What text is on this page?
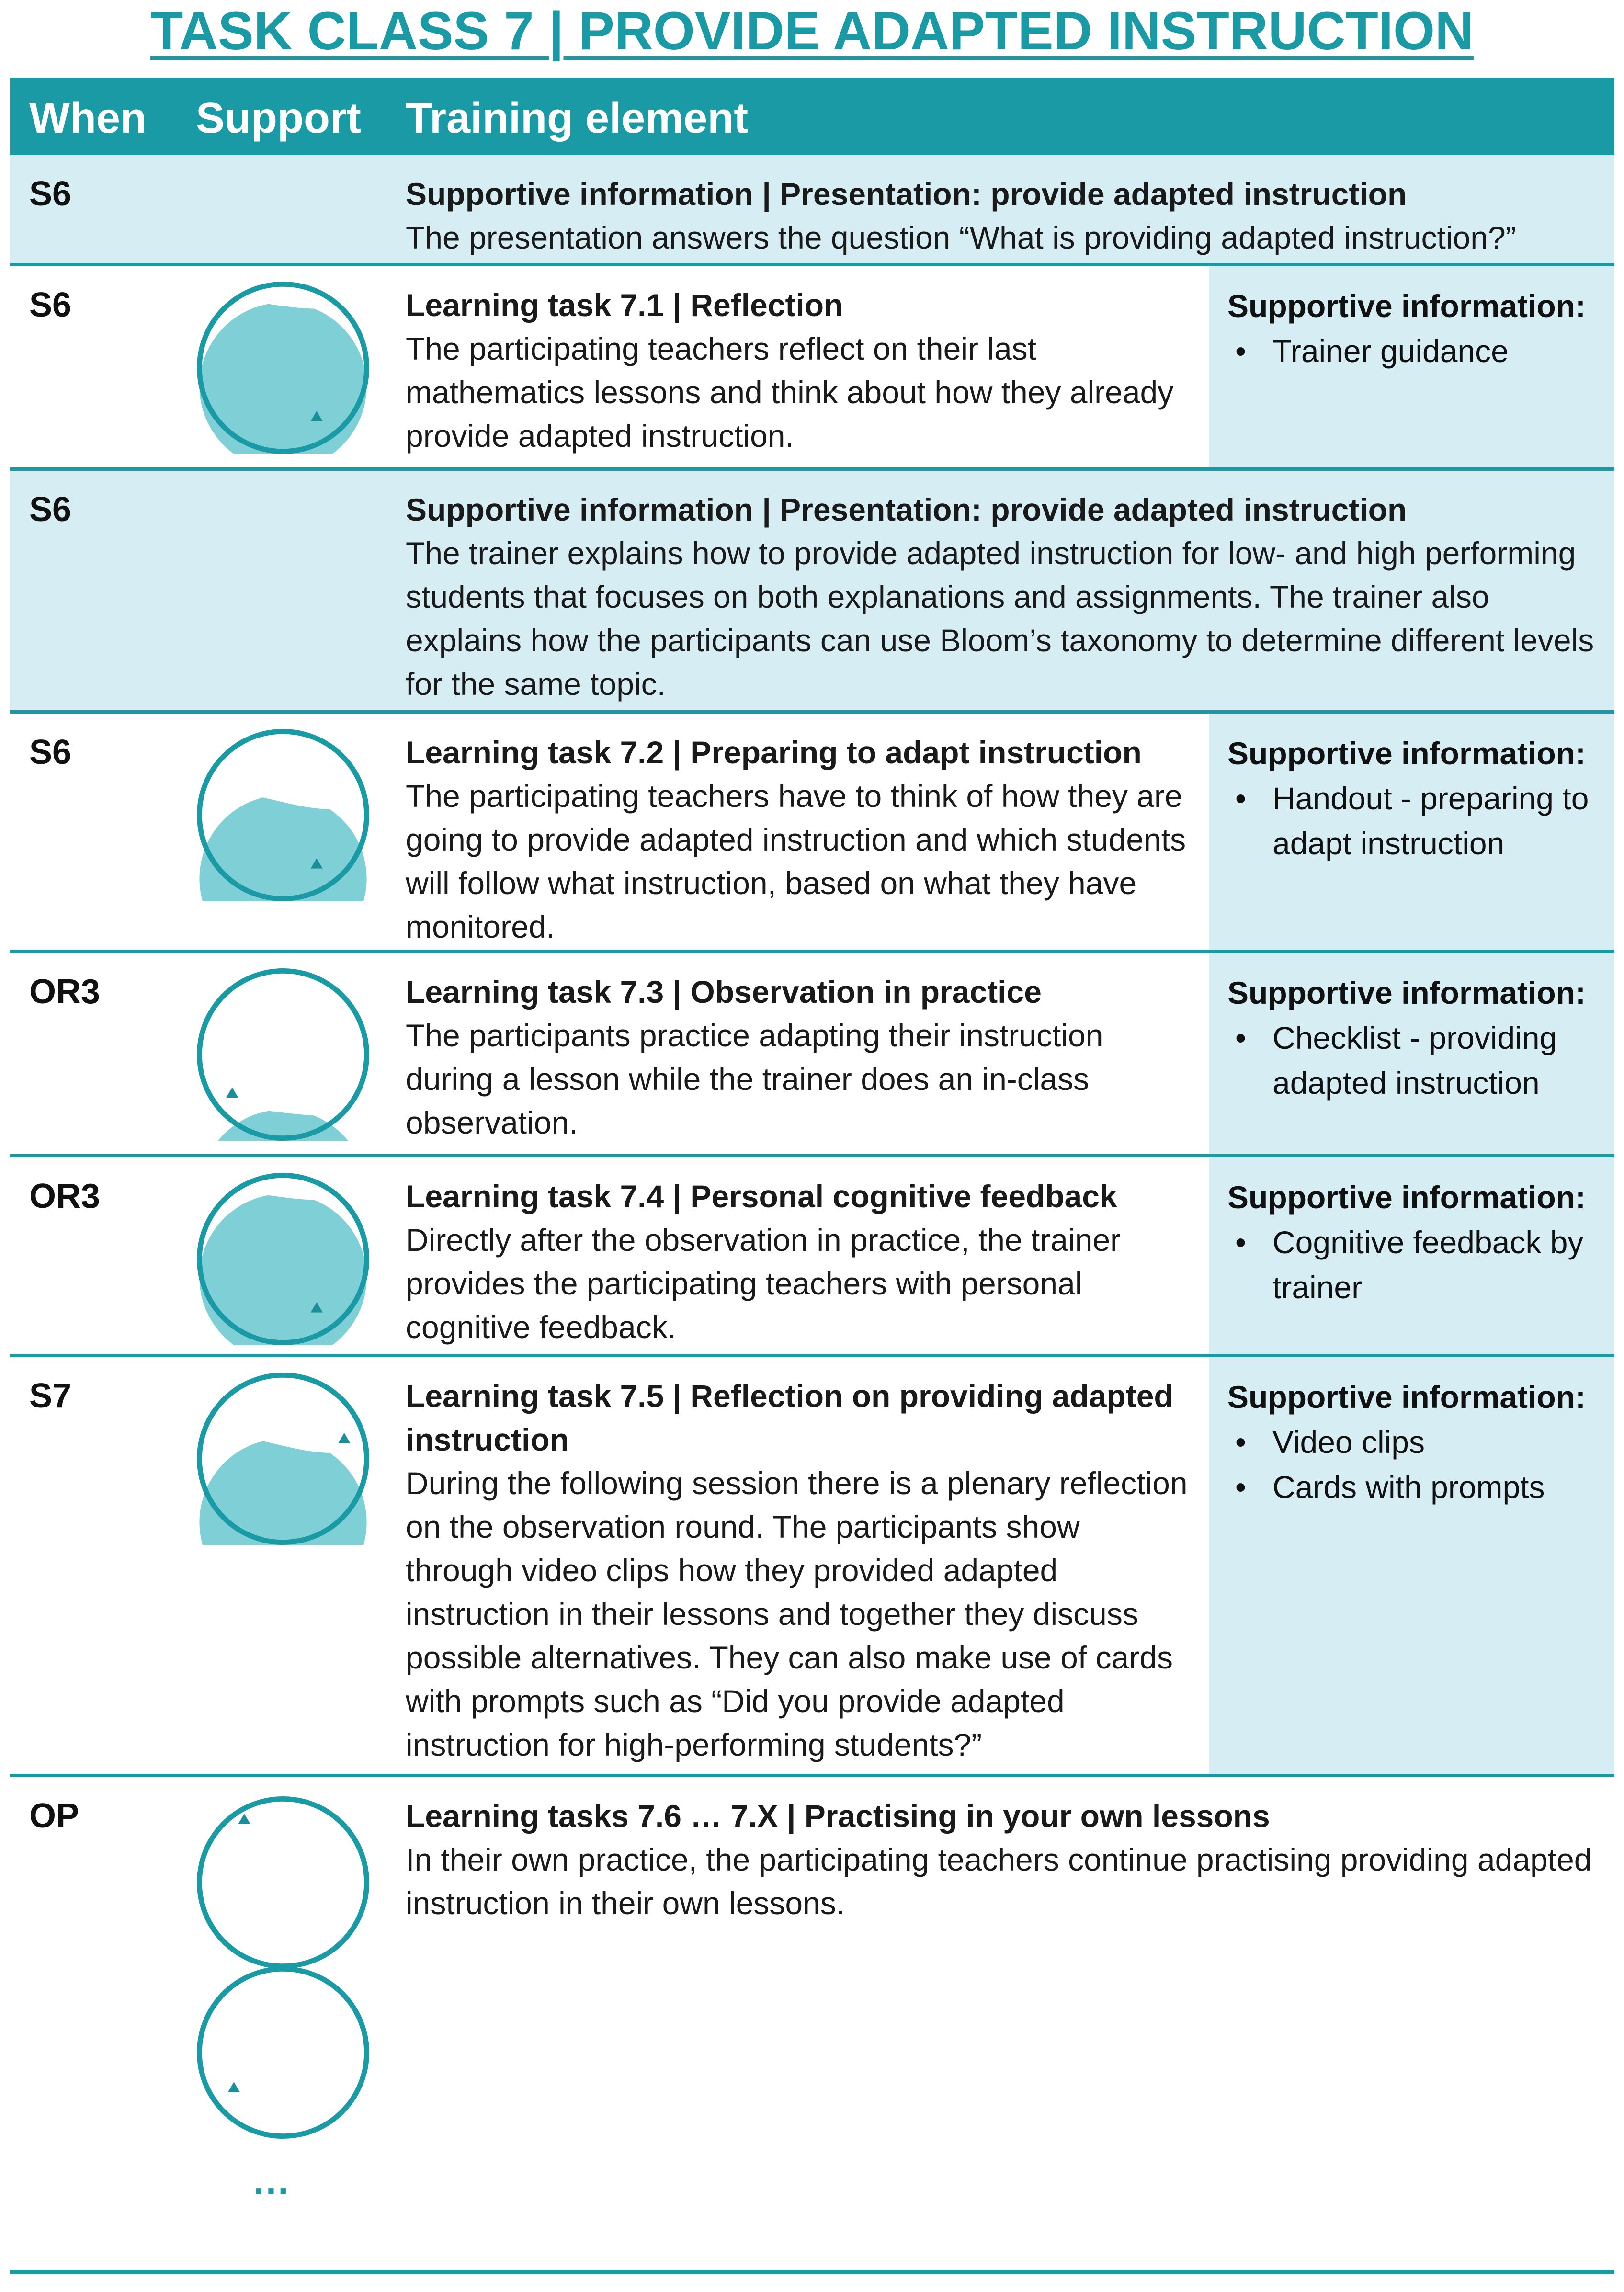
TASK CLASS 7 | PROVIDE ADAPTED INSTRUCTION
When Support Training element
S6	Supportive information | Presentation: provide adapted instruction
The presentation answers the question “What is providing adapted instruction?”
S6	Learning task 7.1 | Reflection
The participating teachers reflect on their last mathematics lessons and think about how they already provide adapted instruction.
Supportive information:
• Trainer guidance
S6	Supportive information | Presentation: provide adapted instruction
The trainer explains how to provide adapted instruction for low- and high performing students that focuses on both explanations and assignments. The trainer also explains how the participants can use Bloom’s taxonomy to determine different levels for the same topic.
S6	Learning task 7.2 | Preparing to adapt instruction
The participating teachers have to think of how they are going to provide adapted instruction and which students will follow what instruction, based on what they have monitored.
Supportive information:
• Handout - preparing to adapt instruction
OR3	Learning task 7.3 | Observation in practice
The participants practice adapting their instruction during a lesson while the trainer does an in-class observation.
Supportive information:
• Checklist - providing adapted instruction
OR3	Learning task 7.4 | Personal cognitive feedback
Directly after the observation in practice, the trainer provides the participating teachers with personal cognitive feedback.
Supportive information:
• Cognitive feedback by trainer
S7	Learning task 7.5 | Reflection on providing adapted instruction
During the following session there is a plenary reflection on the observation round. The participants show through video clips how they provided adapted instruction in their lessons and together they discuss possible alternatives. They can also make use of cards with prompts such as “Did you provide adapted instruction for high-performing students?”
Supportive information:
• Video clips
• Cards with prompts
OP	Learning tasks 7.6 … 7.X | Practising in your own lessons
In their own practice, the participating teachers continue practising providing adapted instruction in their own lessons.
…
